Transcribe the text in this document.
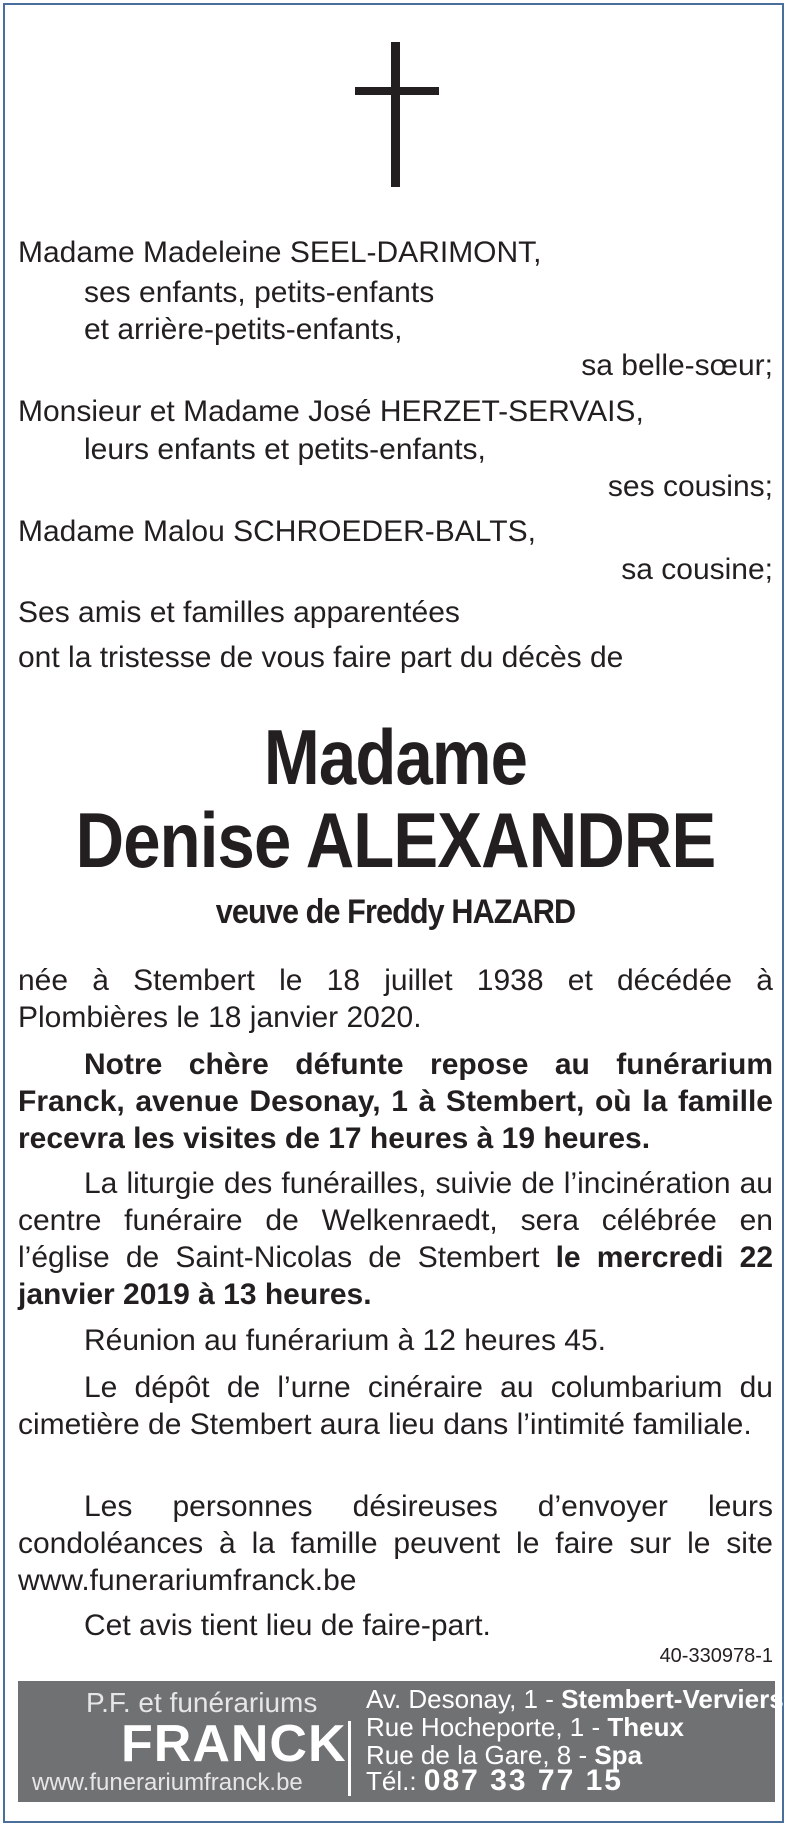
Madame Madeleine SEEL-DARIMONT,
ses enfants, petits-enfants
et arrière-petits-enfants,
sa belle-sœur;
Monsieur et Madame José HERZET-SERVAIS,
leurs enfants et petits-enfants,
ses cousins;
Madame Malou SCHROEDER-BALTS,
sa cousine;
Ses amis et familles apparentées
ont la tristesse de vous faire part du décès de
Madame
Denise ALEXANDRE
veuve de Freddy HAZARD
née à Stembert le 18 juillet 1938 et décédée à Plombières le 18 janvier 2020.
Notre chère défunte repose au funérarium Franck, avenue Desonay, 1 à Stembert, où la famille recevra les visites de 17 heures à 19 heures.
La liturgie des funérailles, suivie de l’incinération au centre funéraire de Welkenraedt, sera célébrée en l’église de Saint-Nicolas de Stembert le mercredi 22 janvier 2019 à 13 heures.
Réunion au funérarium à 12 heures 45.
Le dépôt de l’urne cinéraire au columbarium du cimetière de Stembert aura lieu dans l’intimité familiale.
Les personnes désireuses d’envoyer leurs condoléances à la famille peuvent le faire sur le site www.funerariumfranck.be
Cet avis tient lieu de faire-part.
40-330978-1
P.F. et funérariums
FRANCK
www.funerariumfranck.be
Av. Desonay, 1 - Stembert-Verviers
Rue Hocheporte, 1 - Theux
Rue de la Gare, 8 - Spa
Tél.: 087 33 77 15
